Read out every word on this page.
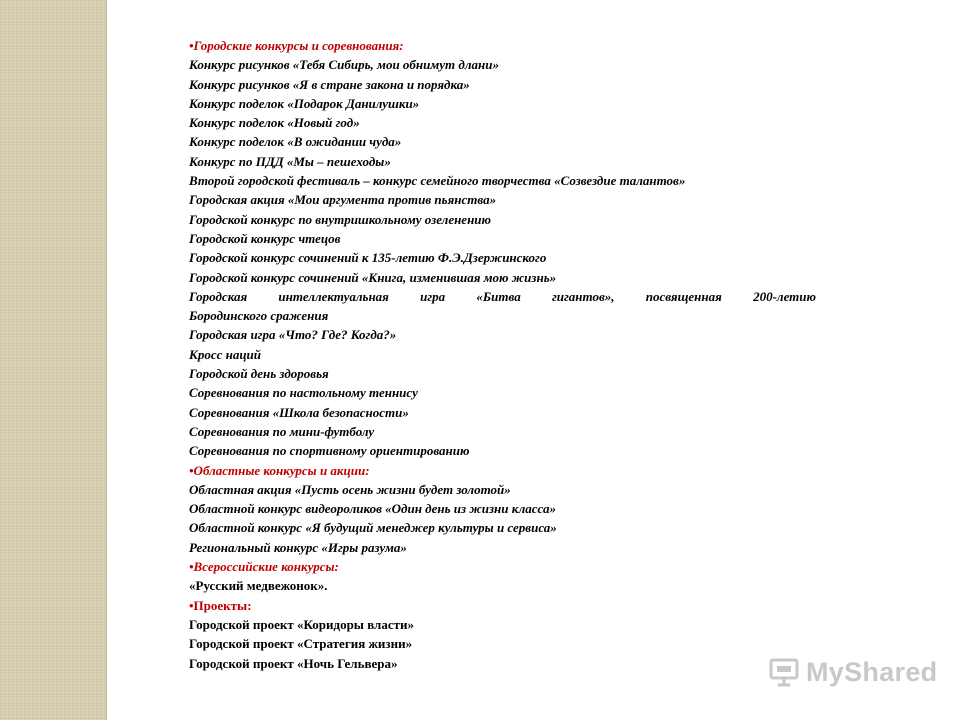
•Городские конкурсы и соревнования:
Конкурс рисунков «Тебя Сибирь, мои обнимут длани»
Конкурс рисунков «Я в стране закона и порядка»
Конкурс поделок «Подарок Данилушки»
Конкурс поделок «Новый год»
Конкурс поделок «В ожидании чуда»
Конкурс по ПДД «Мы – пешеходы»
Второй городской фестиваль – конкурс семейного творчества «Созвездие талантов»
Городская акция «Мои аргумента против пьянства»
Городской конкурс по внутришкольному озеленению
Городской конкурс чтецов
Городской конкурс сочинений к 135-летию Ф.Э.Дзержинского
Городской конкурс сочинений «Книга, изменившая мою жизнь»
Городская интеллектуальная игра «Битва гигантов», посвященная 200-летию
Бородинского сражения
Городская игра «Что? Где? Когда?»
Кросс наций
Городской день здоровья
Соревнования по настольному теннису
Соревнования «Школа безопасности»
Соревнования по мини-футболу
Соревнования по спортивному ориентированию
•Областные конкурсы и акции:
Областная акция «Пусть осень жизни будет золотой»
Областной конкурс видеороликов «Один день из жизни класса»
Областной конкурс «Я будущий менеджер культуры и сервиса»
Региональный конкурс «Игры разума»
•Всероссийские конкурсы:
«Русский медвежонок».
•Проекты:
Городской проект «Коридоры власти»
Городской проект «Стратегия жизни»
Городской проект «Ночь Гельвера»	MyShared
